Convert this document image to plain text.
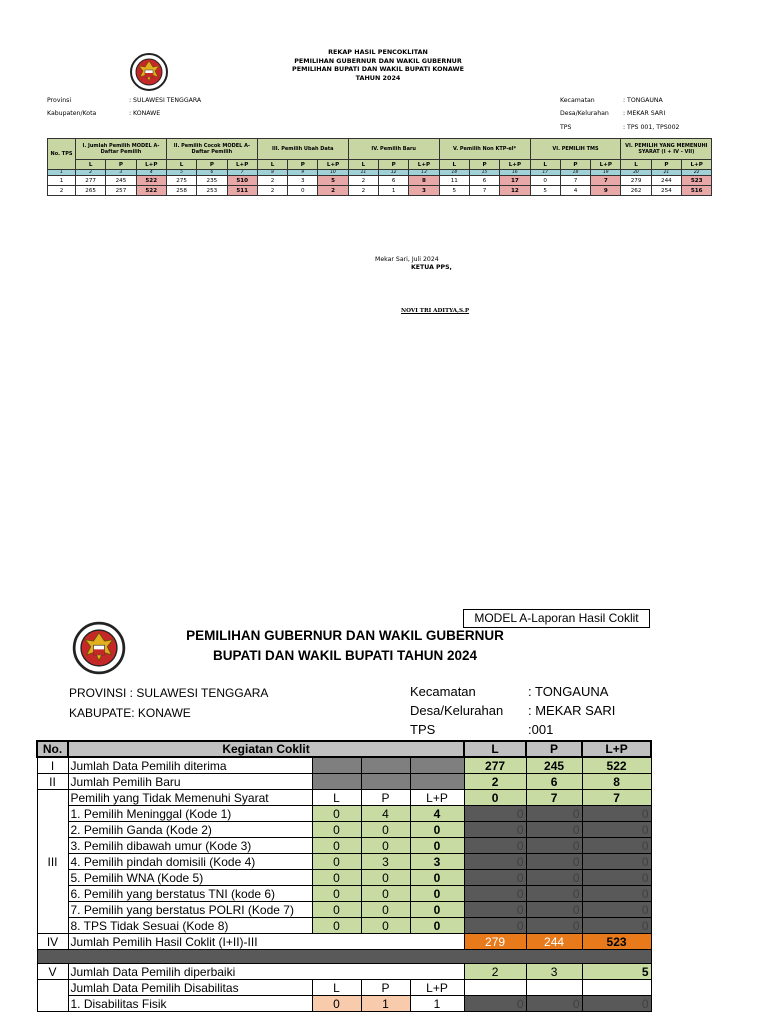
REKAP HASIL PENCOKLITAN
PEMILIHAN GUBERNUR DAN WAKIL GUBERNUR
PEMILIHAN BUPATI DAN WAKIL BUPATI KONAWE
TAHUN 2024
Provinsi	: SULAWESI TENGGARA
Kabupaten/Kota	: KONAWE
Kecamatan	: TONGAUNA
Desa/Kelurahan : MEKAR SARI
TPS	: TPS 001, TPS002
No. TPS	I. Jumlah Pemilih MODEL A-Daftar Pemilih			II. Pemilih Cocok MODEL A-Daftar Pemilih			III. Pemilih Ubah Data			IV. Pemilih Baru			V. Pemilih Non KTP-el*			VI. PEMILIH TMS			VI. PEMILIH YANG MEMENUHI SYARAT (I + IV - VII)		
	L	P	L+P	L	P	L+P	L	P	L+P	L	P	L+P	L	P	L+P	L	P	L+P	L	P	L+P
1	2	3	4	5	6	7	8	9	10	11	12	13	14	15	16	17	18	19	20	21	22
1	277	245	522	275	235	510	2	3	5	2	6	8	11	6	17	0	7	7	279	244	523
2	265	257	522	258	253	511	2	0	2	2	1	3	5	7	12	5	4	9	262	254	516
Mekar Sari, Juli 2024
KETUA PPS,
NOVI TRI ADITYA,S.P
MODEL A-Laporan Hasil Coklit
PEMILIHAN GUBERNUR DAN WAKIL GUBERNUR
BUPATI DAN WAKIL BUPATI TAHUN 2024
PROVINSI : SULAWESI TENGGARA
KABUPATE: KONAWE
Kecamatan	: TONGAUNA
Desa/Kelurahan : MEKAR SARI
TPS	:001
No.	Kegiatan Coklit				L	P	L+P
I	Jumlah Data Pemilih diterima				277	245	522
II	Jumlah Pemilih Baru				2	6	8
III	Pemilih yang Tidak Memenuhi Syarat	L	P	L+P	0	7	7
	1. Pemilih Meninggal (Kode 1)	0	4	4	0	0	0
	2. Pemilih Ganda (Kode 2)	0	0	0	0	0	0
	3. Pemilih dibawah umur (Kode 3)	0	0	0	0	0	0
	4. Pemilih pindah domisili (Kode 4)	0	3	3	0	0	0
	5. Pemilih WNA (Kode 5)	0	0	0	0	0	0
	6. Pemilih yang berstatus TNI (kode 6)	0	0	0	0	0	0
	7. Pemilih yang berstatus POLRI (Kode 7)	0	0	0	0	0	0
	8. TPS Tidak Sesuai (Kode 8)	0	0	0	0	0	0
IV	Jumlah Pemilih Hasil Coklit (I+II)-III				279	244	523

V	Jumlah Data Pemilih diperbaiki				2	3	5
	Jumlah Data Pemilih Disabilitas	L	P	L+P			
	1. Disabilitas Fisik	0	1	1	0	0	0
